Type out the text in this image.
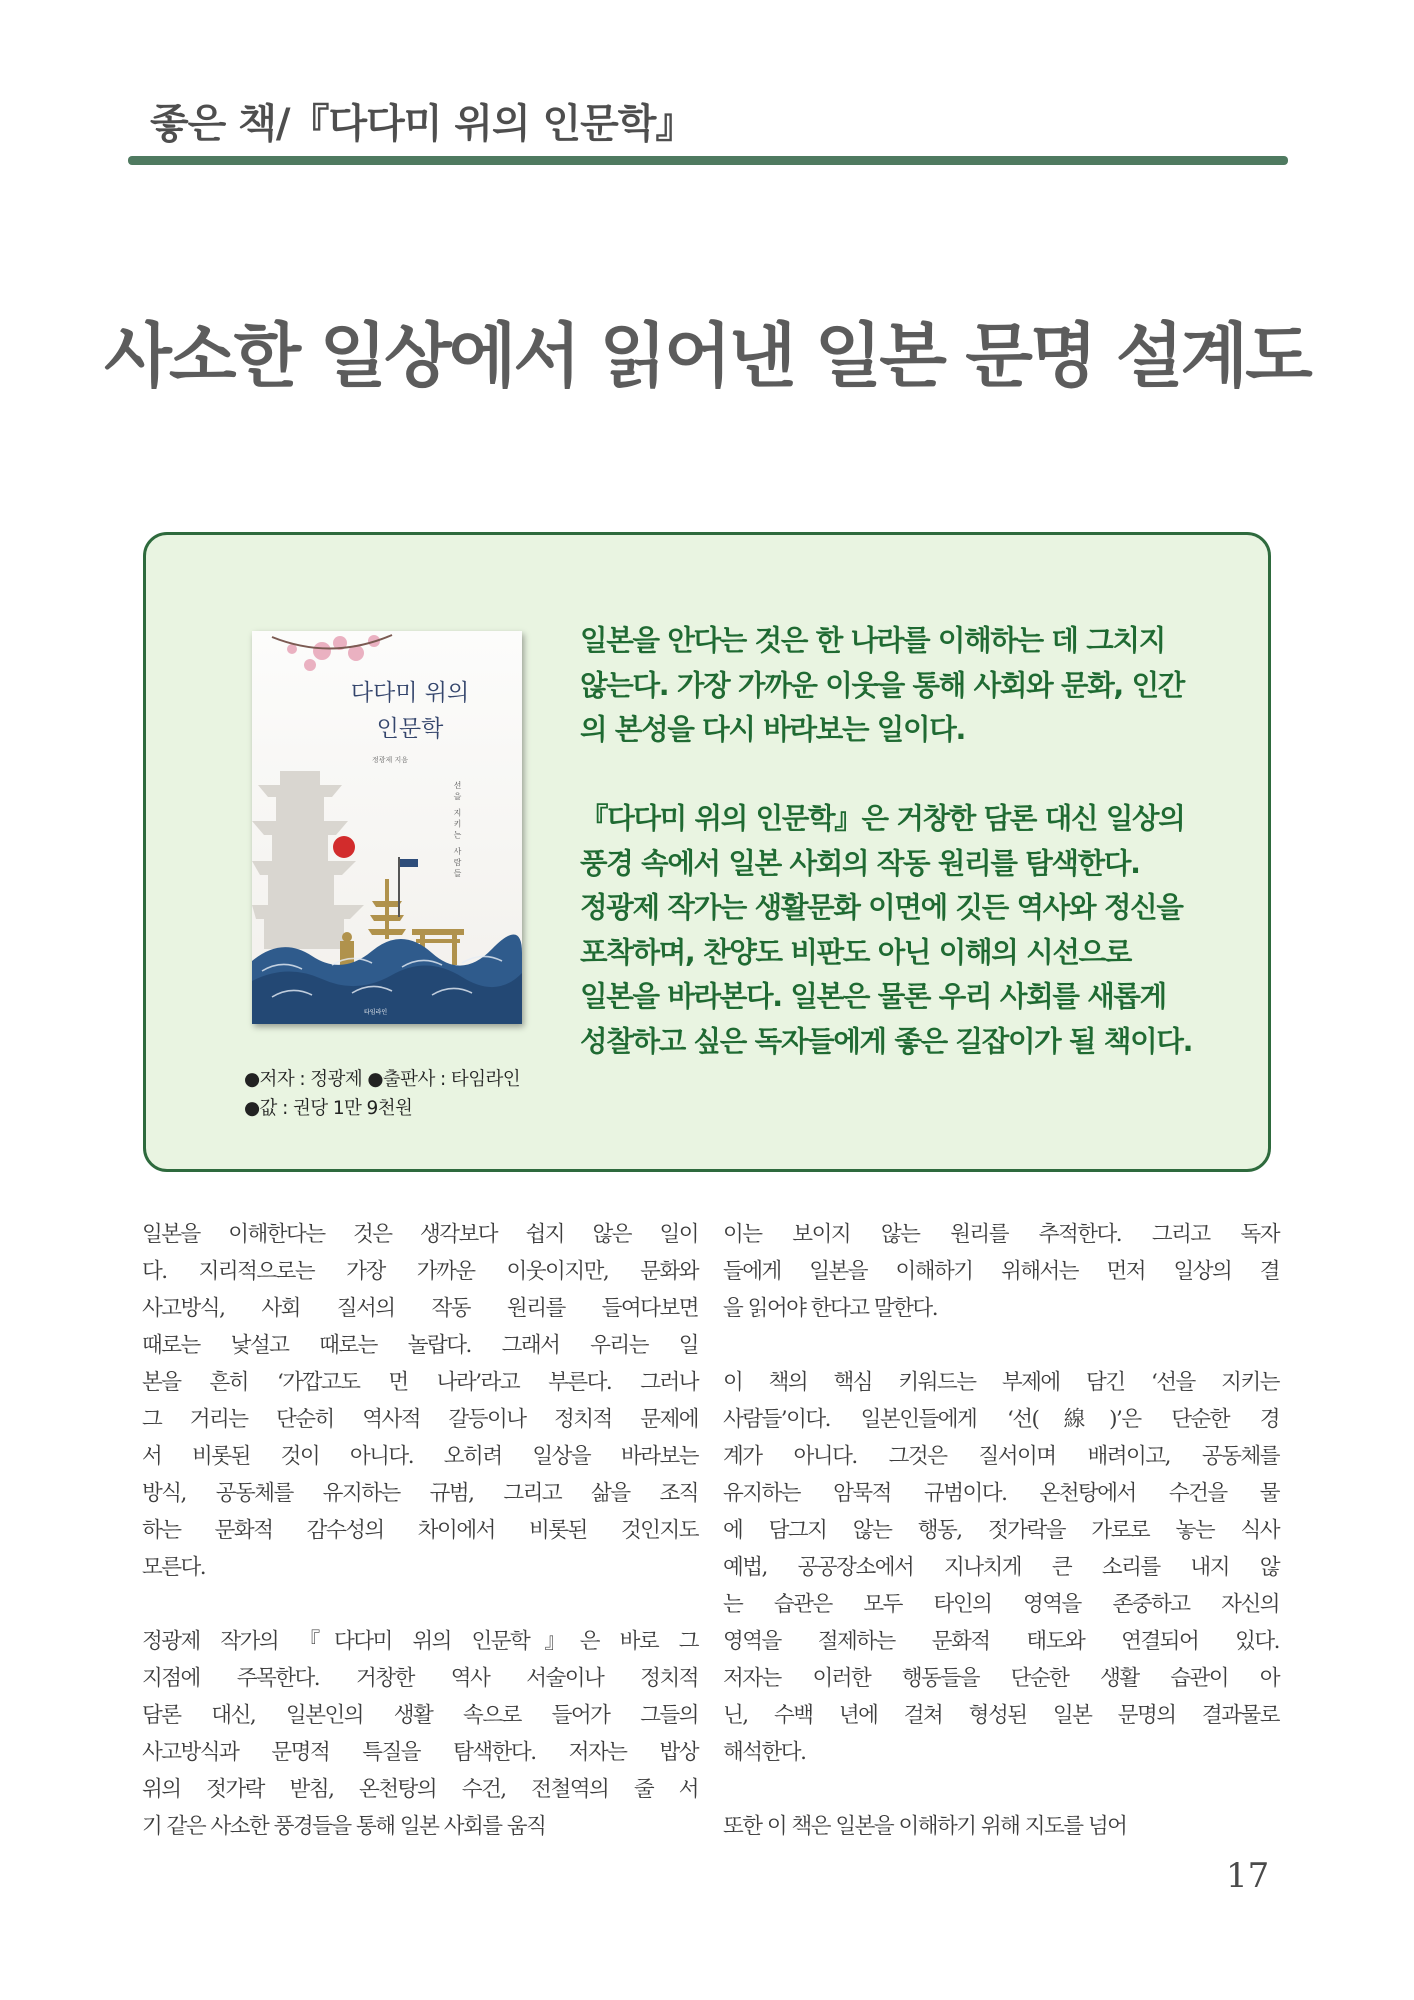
좋은 책/『다다미 위의 인문학』
사소한 일상에서 읽어낸 일본 문명 설계도
다다미 위의
인문학
정광제 지음
선을 지키는 사람들
타임라인
●저자 : 정광제 ●출판사 : 타임라인
●값 : 권당 1만 9천원

일본을 안다는 것은 한 나라를 이해하는 데 그치지
않는다. 가장 가까운 이웃을 통해 사회와 문화, 인간
의 본성을 다시 바라보는 일이다.

『다다미 위의 인문학』은 거창한 담론 대신 일상의
풍경 속에서 일본 사회의 작동 원리를 탐색한다.
정광제 작가는 생활문화 이면에 깃든 역사와 정신을
포착하며, 찬양도 비판도 아닌 이해의 시선으로
일본을 바라본다. 일본은 물론 우리 사회를 새롭게
성찰하고 싶은 독자들에게 좋은 길잡이가 될 책이다.

일본을 이해한다는 것은 생각보다 쉽지 않은 일이
다. 지리적으로는 가장 가까운 이웃이지만, 문화와
사고방식, 사회 질서의 작동 원리를 들여다보면
때로는 낯설고 때로는 놀랍다. 그래서 우리는 일
본을 흔히 ‘가깝고도 먼 나라’라고 부른다. 그러나
그 거리는 단순히 역사적 갈등이나 정치적 문제에
서 비롯된 것이 아니다. 오히려 일상을 바라보는
방식, 공동체를 유지하는 규범, 그리고 삶을 조직
하는 문화적 감수성의 차이에서 비롯된 것인지도
모른다.

정광제 작가의 『다다미 위의 인문학』은 바로 그
지점에 주목한다. 거창한 역사 서술이나 정치적
담론 대신, 일본인의 생활 속으로 들어가 그들의
사고방식과 문명적 특질을 탐색한다. 저자는 밥상
위의 젓가락 받침, 온천탕의 수건, 전철역의 줄 서
기 같은 사소한 풍경들을 통해 일본 사회를 움직

이는 보이지 않는 원리를 추적한다. 그리고 독자
들에게 일본을 이해하기 위해서는 먼저 일상의 결
을 읽어야 한다고 말한다.

이 책의 핵심 키워드는 부제에 담긴 ‘선을 지키는
사람들’이다. 일본인들에게 ‘선(線)’은 단순한 경
계가 아니다. 그것은 질서이며 배려이고, 공동체를
유지하는 암묵적 규범이다. 온천탕에서 수건을 물
에 담그지 않는 행동, 젓가락을 가로로 놓는 식사
예법, 공공장소에서 지나치게 큰 소리를 내지 않
는 습관은 모두 타인의 영역을 존중하고 자신의
영역을 절제하는 문화적 태도와 연결되어 있다.
저자는 이러한 행동들을 단순한 생활 습관이 아
닌, 수백 년에 걸쳐 형성된 일본 문명의 결과물로
해석한다.

또한 이 책은 일본을 이해하기 위해 지도를 넘어

17
